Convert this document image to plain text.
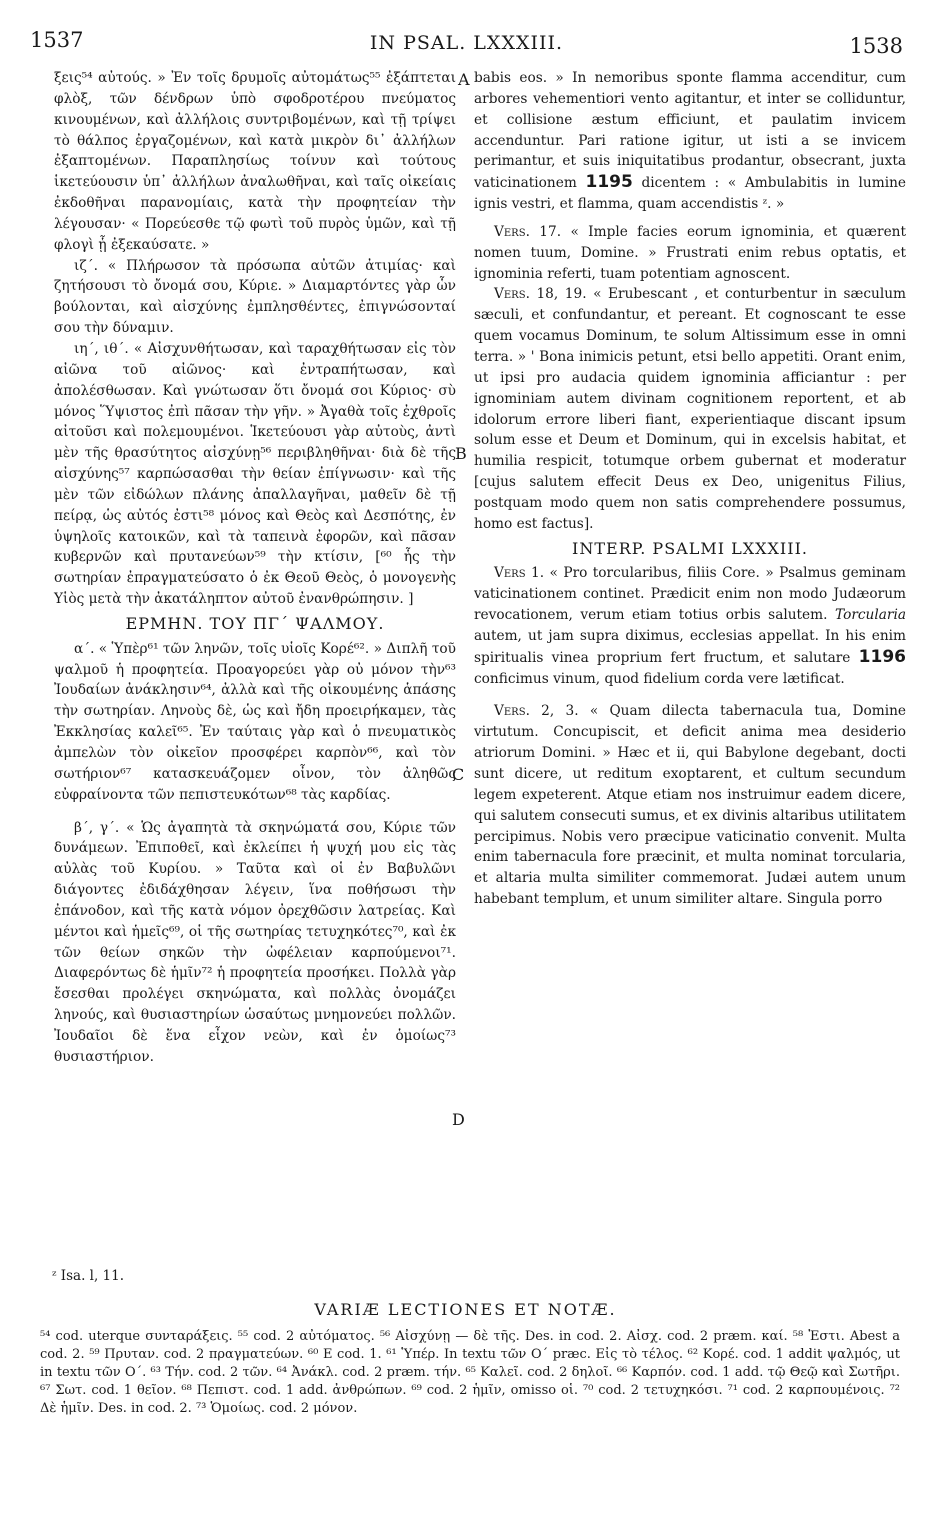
1537	IN PSAL. LXXXIII.	1538
A
B
C
D

ξεις⁵⁴ αὐτούς. » Ἐν τοῖς δρυμοῖς αὐτομάτως⁵⁵ ἐξάπτεται φλὸξ, τῶν δένδρων ὑπὸ σφοδροτέρου πνεύματος κινουμένων, καὶ ἀλλήλοις συντριβομένων, καὶ τῇ τρίψει τὸ θάλπος ἐργαζομένων, καὶ κατὰ μικρὸν δι᾽ ἀλλήλων ἐξαπτομένων. Παραπλησίως τοίνυν καὶ τούτους ἱκετεύουσιν ὑπ᾽ ἀλλήλων ἀναλωθῆναι, καὶ ταῖς οἰκείαις ἐκδοθῆναι παρανομίαις, κατὰ τὴν προφητείαν τὴν λέγουσαν· « Πορεύεσθε τῷ φωτὶ τοῦ πυρὸς ὑμῶν, καὶ τῇ φλογὶ ᾗ ἐξεκαύσατε. »

ιζ΄. « Πλήρωσον τὰ πρόσωπα αὐτῶν ἀτιμίας· καὶ ζητήσουσι τὸ ὄνομά σου, Κύριε. » Διαμαρτόντες γὰρ ὧν βούλονται, καὶ αἰσχύνης ἐμπλησθέντες, ἐπιγνώσονταί σου τὴν δύναμιν.

ιη΄, ιθ΄. « Αἰσχυνθήτωσαν, καὶ ταραχθήτωσαν εἰς τὸν αἰῶνα τοῦ αἰῶνος· καὶ ἐντραπήτωσαν, καὶ ἀπολέσθωσαν. Καὶ γνώτωσαν ὅτι ὄνομά σοι Κύριος· σὺ μόνος Ὕψιστος ἐπὶ πᾶσαν τὴν γῆν. » Ἀγαθὰ τοῖς ἐχθροῖς αἰτοῦσι καὶ πολεμουμένοι. Ἱκετεύουσι γὰρ αὐτοὺς, ἀντὶ μὲν τῆς θρασύτητος αἰσχύνῃ⁵⁶ περιβληθῆναι· διὰ δὲ τῆς αἰσχύνης⁵⁷ καρπώσασθαι τὴν θείαν ἐπίγνωσιν· καὶ τῆς μὲν τῶν εἰδώλων πλάνης ἀπαλλαγῆναι, μαθεῖν δὲ τῇ πείρᾳ, ὡς αὐτός ἐστι⁵⁸ μόνος καὶ Θεὸς καὶ Δεσπότης, ἐν ὑψηλοῖς κατοικῶν, καὶ τὰ ταπεινὰ ἐφορῶν, καὶ πᾶσαν κυβερνῶν καὶ πρυτανεύων⁵⁹ τὴν κτίσιν, [⁶⁰ ἧς τὴν σωτηρίαν ἐπραγματεύσατο ὁ ἐκ Θεοῦ Θεὸς, ὁ μονογενὴς Υἱὸς μετὰ τὴν ἀκατάληπτον αὐτοῦ ἐνανθρώπησιν. ]

ΕΡΜΗΝ. ΤΟΥ ΠΓ΄ ΨΑΛΜΟΥ.

α΄. « Ὑπὲρ⁶¹ τῶν ληνῶν, τοῖς υἱοῖς Κορέ⁶². » Διπλῆ τοῦ ψαλμοῦ ἡ προφητεία. Προαγορεύει γὰρ οὐ μόνον τὴν⁶³ Ἰουδαίων ἀνάκλησιν⁶⁴, ἀλλὰ καὶ τῆς οἰκουμένης ἁπάσης τὴν σωτηρίαν. Ληνοὺς δὲ, ὡς καὶ ἤδη προειρήκαμεν, τὰς Ἐκκλησίας καλεῖ⁶⁵. Ἐν ταύταις γὰρ καὶ ὁ πνευματικὸς ἀμπελὼν τὸν οἰκεῖον προσφέρει καρπὸν⁶⁶, καὶ τὸν σωτήριον⁶⁷ κατασκευάζομεν οἶνον, τὸν ἀληθῶς εὐφραίνοντα τῶν πεπιστευκότων⁶⁸ τὰς καρδίας.

β΄, γ΄. « Ὡς ἀγαπητὰ τὰ σκηνώματά σου, Κύριε τῶν δυνάμεων. Ἐπιποθεῖ, καὶ ἐκλείπει ἡ ψυχή μου εἰς τὰς αὐλὰς τοῦ Κυρίου. » Ταῦτα καὶ οἱ ἐν Βαβυλῶνι διάγοντες ἐδιδάχθησαν λέγειν, ἵνα ποθήσωσι τὴν ἐπάνοδον, καὶ τῆς κατὰ νόμον ὀρεχθῶσιν λατρείας. Καὶ μέντοι καὶ ἡμεῖς⁶⁹, οἱ τῆς σωτηρίας τετυχηκότες⁷⁰, καὶ ἐκ τῶν θείων σηκῶν τὴν ὠφέλειαν καρπούμενοι⁷¹. Διαφερόντως δὲ ἡμῖν⁷² ἡ προφητεία προσήκει. Πολλὰ γὰρ ἔσεσθαι προλέγει σκηνώματα, καὶ πολλὰς ὀνομάζει ληνούς, καὶ θυσιαστηρίων ὡσαύτως μνημονεύει πολλῶν. Ἰουδαῖοι δὲ ἕνα εἶχον νεὼν, καὶ ἐν ὁμοίως⁷³ θυσιαστήριον.

babis eos. » In nemoribus sponte flamma accenditur, cum arbores vehementiori vento agitantur, et inter se colliduntur, et collisione æstum efficiunt, et paulatim invicem accenduntur. Pari ratione igitur, ut isti a se invicem perimantur, et suis iniquitatibus prodantur, obsecrant, juxta vaticinationem 1195 dicentem : « Ambulabitis in lumine ignis vestri, et flamma, quam accendistis ᶻ. »

Vers. 17. « Imple facies eorum ignominia, et quærent nomen tuum, Domine. » Frustrati enim rebus optatis, et ignominia referti, tuam potentiam agnoscent.

Vers. 18, 19. « Erubescant , et conturbentur in sæculum sæculi, et confundantur, et pereant. Et cognoscant te esse quem vocamus Dominum, te solum Altissimum esse in omni terra. » ' Bona inimicis petunt, etsi bello appetiti. Orant enim, ut ipsi pro audacia quidem ignominia afficiantur : per ignominiam autem divinam cognitionem reportent, et ab idolorum errore liberi fiant, experientiaque discant ipsum solum esse et Deum et Dominum, qui in excelsis habitat, et humilia respicit, totumque orbem gubernat et moderatur [cujus salutem effecit Deus ex Deo, unigenitus Filius, postquam modo quem non satis comprehendere possumus, homo est factus].

INTERP. PSALMI LXXXIII.

Vers 1. « Pro torcularibus, filiis Core. » Psalmus geminam vaticinationem continet. Prædicit enim non modo Judæorum revocationem, verum etiam totius orbis salutem. Torcularia autem, ut jam supra diximus, ecclesias appellat. In his enim spiritualis vinea proprium fert fructum, et salutare 1196 conficimus vinum, quod fidelium corda vere lætificat.

Vers. 2, 3. « Quam dilecta tabernacula tua, Domine virtutum. Concupiscit, et deficit anima mea desiderio atriorum Domini. » Hæc et ii, qui Babylone degebant, docti sunt dicere, ut reditum exoptarent, et cultum secundum legem expeterent. Atque etiam nos instruimur eadem dicere, qui salutem consecuti sumus, et ex divinis altaribus utilitatem percipimus. Nobis vero præcipue vaticinatio convenit. Multa enim tabernacula fore præcinit, et multa nominat torcularia, et altaria multa similiter commemorat. Judæi autem unum habebant templum, et unum similiter altare. Singula porro

ᶻ Isa. l, 11.
VARIÆ LECTIONES ET NOTÆ.
⁵⁴ cod. uterque συνταράξεις. ⁵⁵ cod. 2 αὐτόματος. ⁵⁶ Αἰσχύνῃ — δὲ τῆς. Des. in cod. 2. Αἰσχ. cod. 2 præm. καί. ⁵⁸ Ἐστι. Abest a cod. 2. ⁵⁹ Πρυταν. cod. 2 πραγματεύων. ⁶⁰ E cod. 1. ⁶¹ Ὑπέρ. In textu τῶν Ο΄ præc. Εἰς τὸ τέλος. ⁶² Κορέ. cod. 1 addit ψαλμός, ut in textu τῶν Ο΄. ⁶³ Τήν. cod. 2 τῶν. ⁶⁴ Ἀνάκλ. cod. 2 præm. τήν. ⁶⁵ Καλεῖ. cod. 2 δηλοῖ. ⁶⁶ Καρπόν. cod. 1 add. τῷ Θεῷ καὶ Σωτῆρι. ⁶⁷ Σωτ. cod. 1 θεῖον. ⁶⁸ Πεπιστ. cod. 1 add. ἀνθρώπων. ⁶⁹ cod. 2 ἡμῖν, omisso οἱ. ⁷⁰ cod. 2 τετυχηκόσι. ⁷¹ cod. 2 καρπουμένοις. ⁷² Δὲ ἡμῖν. Des. in cod. 2. ⁷³ Ὁμοίως. cod. 2 μόνον.
